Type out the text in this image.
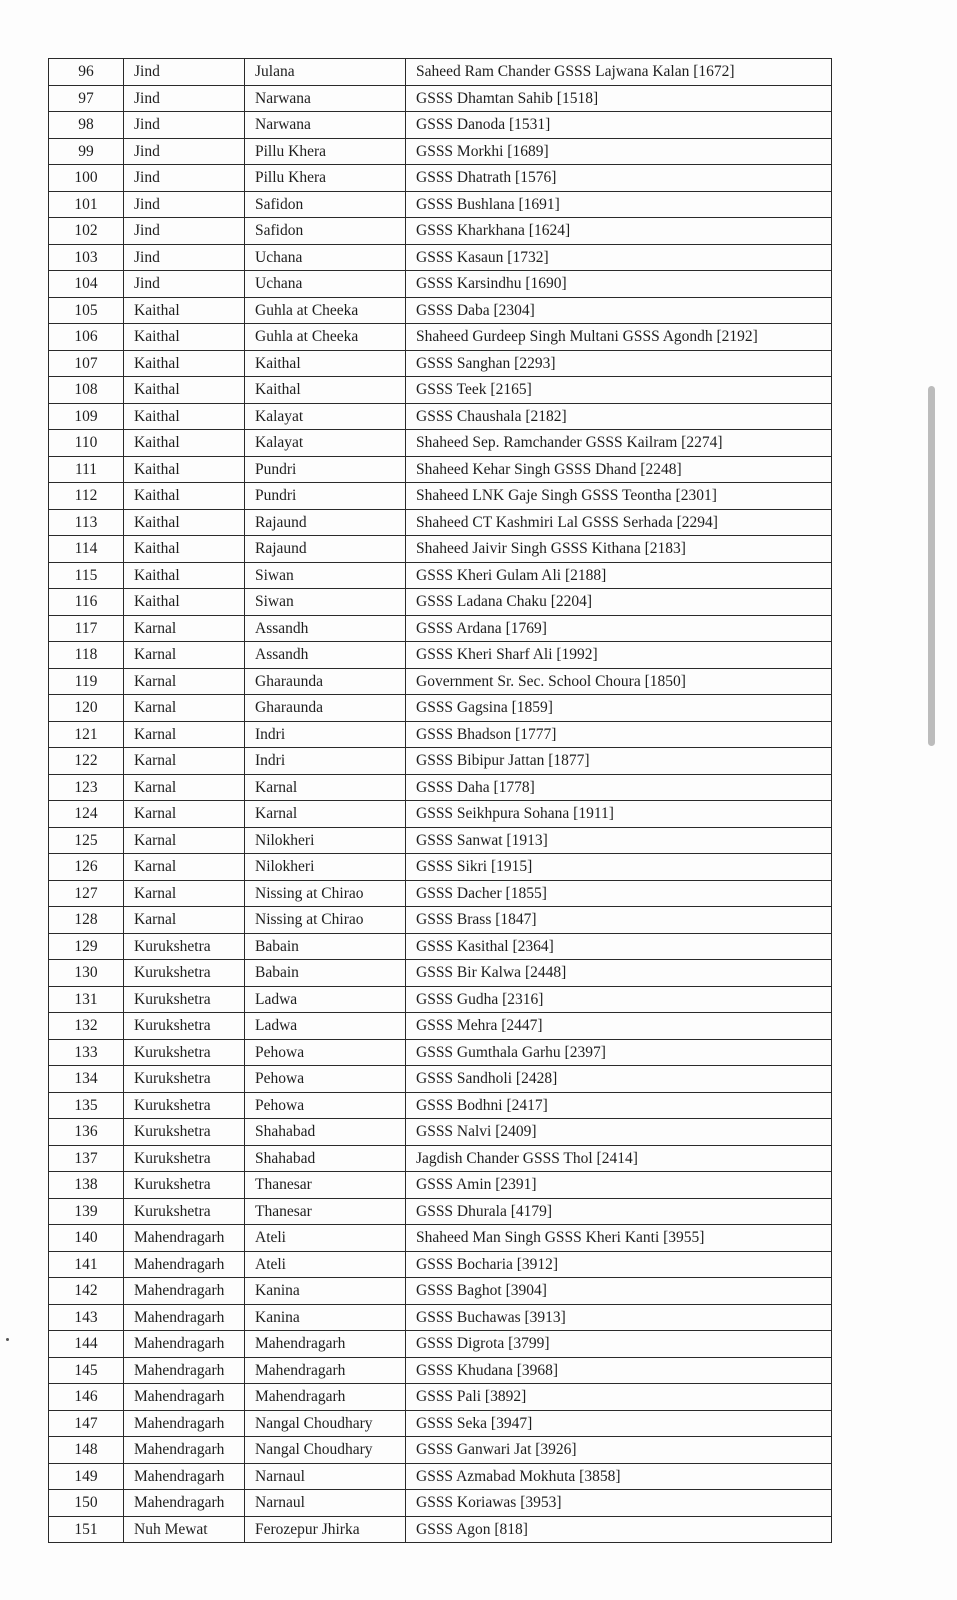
96	Jind	Julana	Saheed Ram Chander GSSS Lajwana Kalan [1672]
97	Jind	Narwana	GSSS Dhamtan Sahib [1518]
98	Jind	Narwana	GSSS Danoda [1531]
99	Jind	Pillu Khera	GSSS Morkhi [1689]
100	Jind	Pillu Khera	GSSS Dhatrath [1576]
101	Jind	Safidon	GSSS Bushlana [1691]
102	Jind	Safidon	GSSS Kharkhana [1624]
103	Jind	Uchana	GSSS Kasaun [1732]
104	Jind	Uchana	GSSS Karsindhu [1690]
105	Kaithal	Guhla at Cheeka	GSSS Daba [2304]
106	Kaithal	Guhla at Cheeka	Shaheed Gurdeep Singh Multani GSSS Agondh [2192]
107	Kaithal	Kaithal	GSSS Sanghan [2293]
108	Kaithal	Kaithal	GSSS Teek [2165]
109	Kaithal	Kalayat	GSSS Chaushala [2182]
110	Kaithal	Kalayat	Shaheed Sep. Ramchander GSSS Kailram [2274]
111	Kaithal	Pundri	Shaheed Kehar Singh GSSS Dhand [2248]
112	Kaithal	Pundri	Shaheed LNK Gaje Singh GSSS Teontha [2301]
113	Kaithal	Rajaund	Shaheed CT Kashmiri Lal GSSS Serhada [2294]
114	Kaithal	Rajaund	Shaheed Jaivir Singh GSSS Kithana [2183]
115	Kaithal	Siwan	GSSS Kheri Gulam Ali [2188]
116	Kaithal	Siwan	GSSS Ladana Chaku [2204]
117	Karnal	Assandh	GSSS Ardana [1769]
118	Karnal	Assandh	GSSS Kheri Sharf Ali [1992]
119	Karnal	Gharaunda	Government Sr. Sec. School Choura [1850]
120	Karnal	Gharaunda	GSSS Gagsina [1859]
121	Karnal	Indri	GSSS Bhadson [1777]
122	Karnal	Indri	GSSS Bibipur Jattan [1877]
123	Karnal	Karnal	GSSS Daha [1778]
124	Karnal	Karnal	GSSS Seikhpura Sohana [1911]
125	Karnal	Nilokheri	GSSS Sanwat [1913]
126	Karnal	Nilokheri	GSSS Sikri [1915]
127	Karnal	Nissing at Chirao	GSSS Dacher [1855]
128	Karnal	Nissing at Chirao	GSSS Brass [1847]
129	Kurukshetra	Babain	GSSS Kasithal [2364]
130	Kurukshetra	Babain	GSSS Bir Kalwa [2448]
131	Kurukshetra	Ladwa	GSSS Gudha [2316]
132	Kurukshetra	Ladwa	GSSS Mehra [2447]
133	Kurukshetra	Pehowa	GSSS Gumthala Garhu [2397]
134	Kurukshetra	Pehowa	GSSS Sandholi [2428]
135	Kurukshetra	Pehowa	GSSS Bodhni [2417]
136	Kurukshetra	Shahabad	GSSS Nalvi [2409]
137	Kurukshetra	Shahabad	Jagdish Chander GSSS Thol [2414]
138	Kurukshetra	Thanesar	GSSS Amin [2391]
139	Kurukshetra	Thanesar	GSSS Dhurala [4179]
140	Mahendragarh	Ateli	Shaheed Man Singh GSSS Kheri Kanti [3955]
141	Mahendragarh	Ateli	GSSS Bocharia [3912]
142	Mahendragarh	Kanina	GSSS Baghot [3904]
143	Mahendragarh	Kanina	GSSS Buchawas [3913]
144	Mahendragarh	Mahendragarh	GSSS Digrota [3799]
145	Mahendragarh	Mahendragarh	GSSS Khudana [3968]
146	Mahendragarh	Mahendragarh	GSSS Pali [3892]
147	Mahendragarh	Nangal Choudhary	GSSS Seka [3947]
148	Mahendragarh	Nangal Choudhary	GSSS Ganwari Jat [3926]
149	Mahendragarh	Narnaul	GSSS Azmabad Mokhuta [3858]
150	Mahendragarh	Narnaul	GSSS Koriawas [3953]
151	Nuh Mewat	Ferozepur Jhirka	GSSS Agon [818]
